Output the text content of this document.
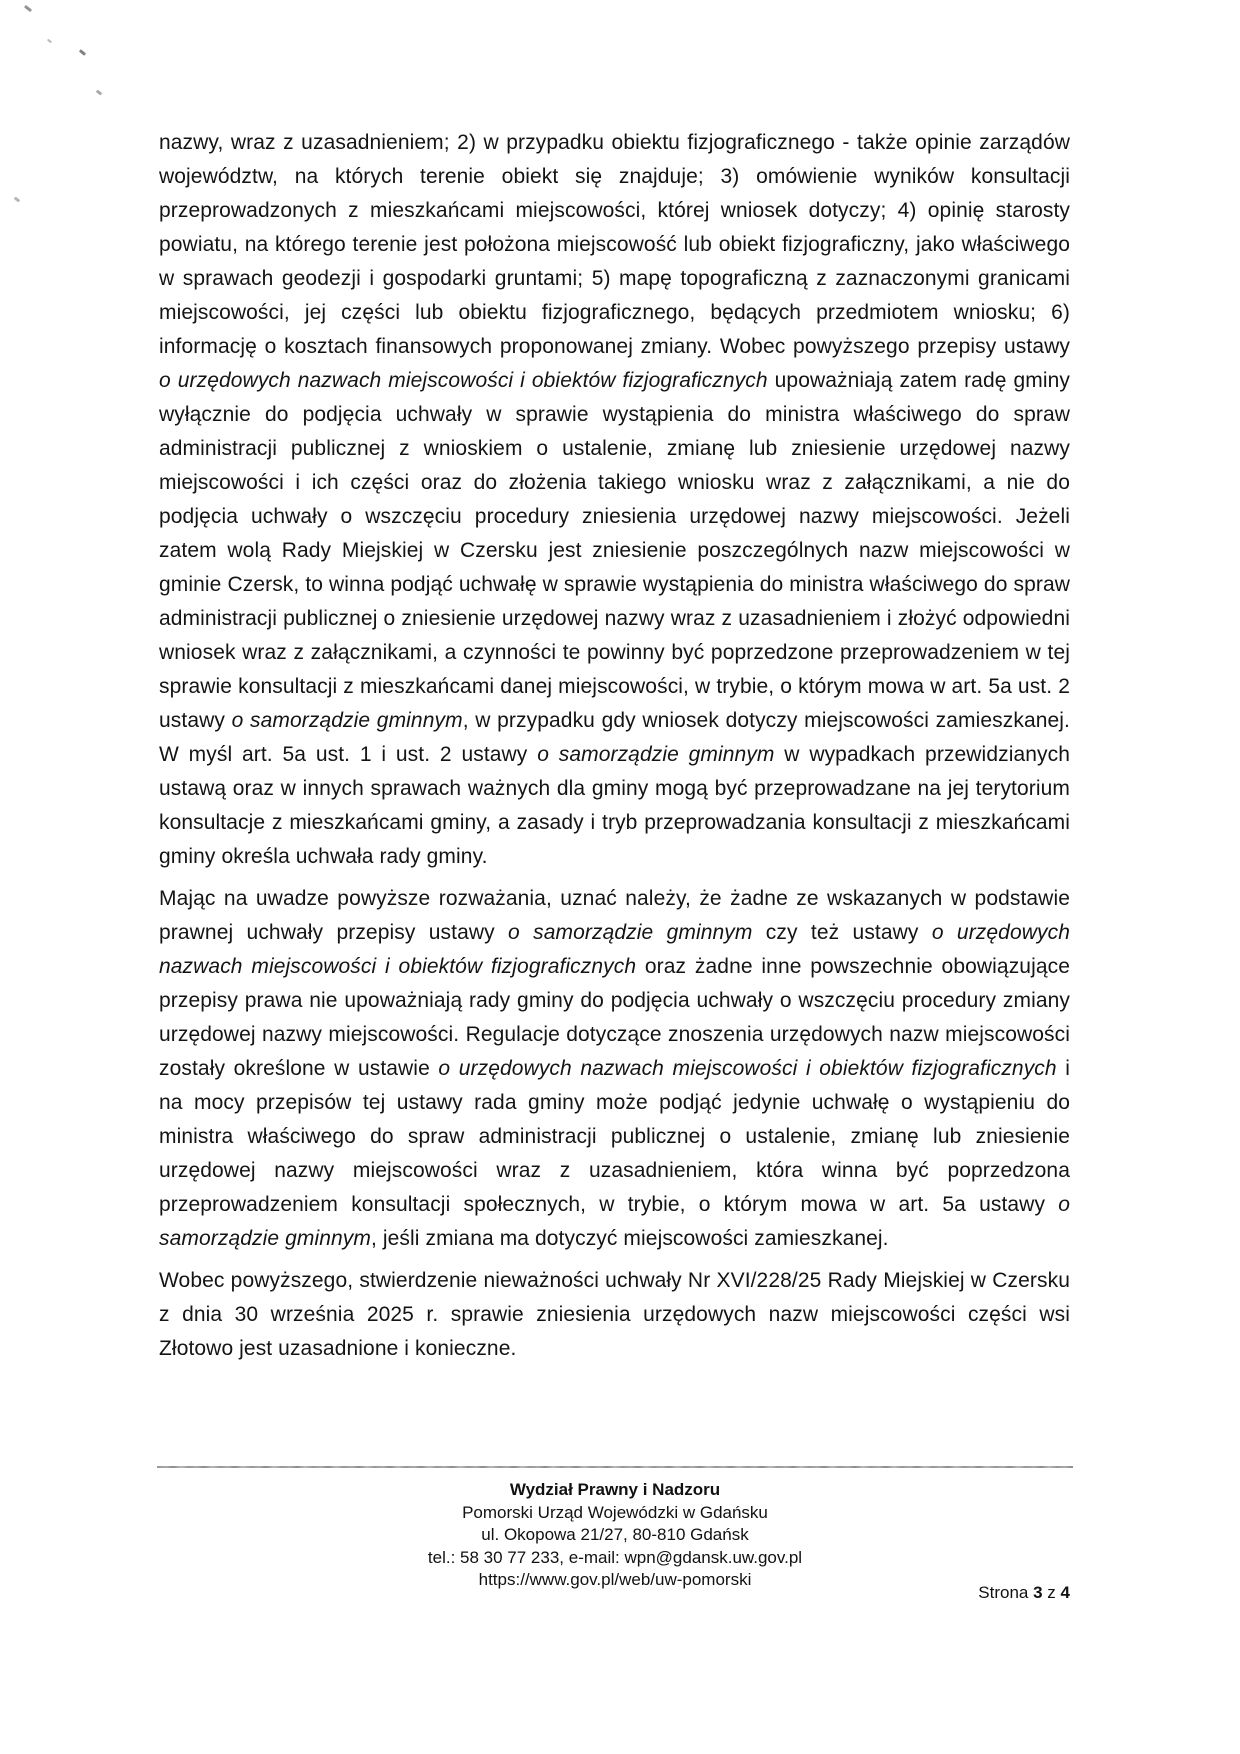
nazwy, wraz z uzasadnieniem; 2) w przypadku obiektu fizjograficznego - także opinie zarządów województw, na których terenie obiekt się znajduje; 3) omówienie wyników konsultacji przeprowadzonych z mieszkańcami miejscowości, której wniosek dotyczy; 4) opinię starosty powiatu, na którego terenie jest położona miejscowość lub obiekt fizjograficzny, jako właściwego w sprawach geodezji i gospodarki gruntami; 5) mapę topograficzną z zaznaczonymi granicami miejscowości, jej części lub obiektu fizjograficznego, będących przedmiotem wniosku; 6) informację o kosztach finansowych proponowanej zmiany. Wobec powyższego przepisy ustawy o urzędowych nazwach miejscowości i obiektów fizjograficznych upoważniają zatem radę gminy wyłącznie do podjęcia uchwały w sprawie wystąpienia do ministra właściwego do spraw administracji publicznej z wnioskiem o ustalenie, zmianę lub zniesienie urzędowej nazwy miejscowości i ich części oraz do złożenia takiego wniosku wraz z załącznikami, a nie do podjęcia uchwały o wszczęciu procedury zniesienia urzędowej nazwy miejscowości. Jeżeli zatem wolą Rady Miejskiej w Czersku jest zniesienie poszczególnych nazw miejscowości w gminie Czersk, to winna podjąć uchwałę w sprawie wystąpienia do ministra właściwego do spraw administracji publicznej o zniesienie urzędowej nazwy wraz z uzasadnieniem i złożyć odpowiedni wniosek wraz z załącznikami, a czynności te powinny być poprzedzone przeprowadzeniem w tej sprawie konsultacji z mieszkańcami danej miejscowości, w trybie, o którym mowa w art. 5a ust. 2 ustawy o samorządzie gminnym, w przypadku gdy wniosek dotyczy miejscowości zamieszkanej. W myśl art. 5a ust. 1 i ust. 2 ustawy o samorządzie gminnym w wypadkach przewidzianych ustawą oraz w innych sprawach ważnych dla gminy mogą być przeprowadzane na jej terytorium konsultacje z mieszkańcami gminy, a zasady i tryb przeprowadzania konsultacji z mieszkańcami gminy określa uchwała rady gminy.
Mając na uwadze powyższe rozważania, uznać należy, że żadne ze wskazanych w podstawie prawnej uchwały przepisy ustawy o samorządzie gminnym czy też ustawy o urzędowych nazwach miejscowości i obiektów fizjograficznych oraz żadne inne powszechnie obowiązujące przepisy prawa nie upoważniają rady gminy do podjęcia uchwały o wszczęciu procedury zmiany urzędowej nazwy miejscowości. Regulacje dotyczące znoszenia urzędowych nazw miejscowości zostały określone w ustawie o urzędowych nazwach miejscowości i obiektów fizjograficznych i na mocy przepisów tej ustawy rada gminy może podjąć jedynie uchwałę o wystąpieniu do ministra właściwego do spraw administracji publicznej o ustalenie, zmianę lub zniesienie urzędowej nazwy miejscowości wraz z uzasadnieniem, która winna być poprzedzona przeprowadzeniem konsultacji społecznych, w trybie, o którym mowa w art. 5a ustawy o samorządzie gminnym, jeśli zmiana ma dotyczyć miejscowości zamieszkanej.
Wobec powyższego, stwierdzenie nieważności uchwały Nr XVI/228/25 Rady Miejskiej w Czersku z dnia 30 września 2025 r. sprawie zniesienia urzędowych nazw miejscowości części wsi Złotowo jest uzasadnione i konieczne.
Wydział Prawny i Nadzoru
Pomorski Urząd Wojewódzki w Gdańsku
ul. Okopowa 21/27, 80-810 Gdańsk
tel.: 58 30 77 233, e-mail: wpn@gdansk.uw.gov.pl
https://www.gov.pl/web/uw-pomorski
Strona 3 z 4
